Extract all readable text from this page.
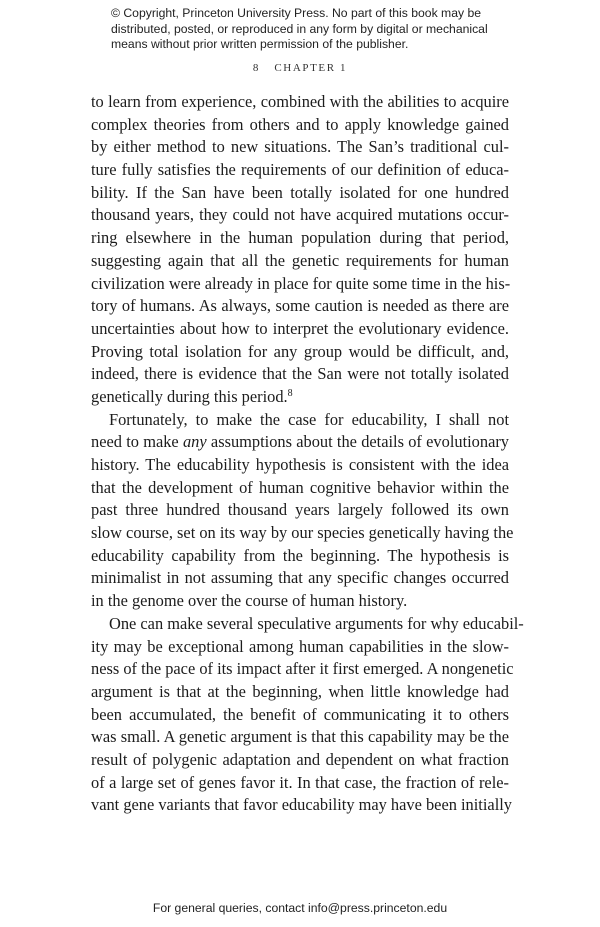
© Copyright, Princeton University Press. No part of this book may be
distributed, posted, or reproduced in any form by digital or mechanical
means without prior written permission of the publisher.
8 CHAPTER 1
to learn from experience, combined with the abilities to acquire
complex theories from others and to apply knowledge gained
by either method to new situations. The San’s traditional cul-
ture fully satisfies the requirements of our definition of educa-
bility. If the San have been totally isolated for one hundred
thousand years, they could not have acquired mutations occur-
ring elsewhere in the human population during that period,
suggesting again that all the genetic requirements for human
civilization were already in place for quite some time in the his-
tory of humans. As always, some caution is needed as there are
uncertainties about how to interpret the evolutionary evidence.
Proving total isolation for any group would be difficult, and,
indeed, there is evidence that the San were not totally isolated
genetically during this period.$^8$
Fortunately, to make the case for educability, I shall not
need to make any assumptions about the details of evolutionary
history. The educability hypothesis is consistent with the idea
that the development of human cognitive behavior within the
past three hundred thousand years largely followed its own
slow course, set on its way by our species genetically having the
educability capability from the beginning. The hypothesis is
minimalist in not assuming that any specific changes occurred
in the genome over the course of human history.
One can make several speculative arguments for why educabil-
ity may be exceptional among human capabilities in the slow-
ness of the pace of its impact after it first emerged. A nongenetic
argument is that at the beginning, when little knowledge had
been accumulated, the benefit of communicating it to others
was small. A genetic argument is that this capability may be the
result of polygenic adaptation and dependent on what fraction
of a large set of genes favor it. In that case, the fraction of rele-
vant gene variants that favor educability may have been initially
For general queries, contact info@press.princeton.edu
